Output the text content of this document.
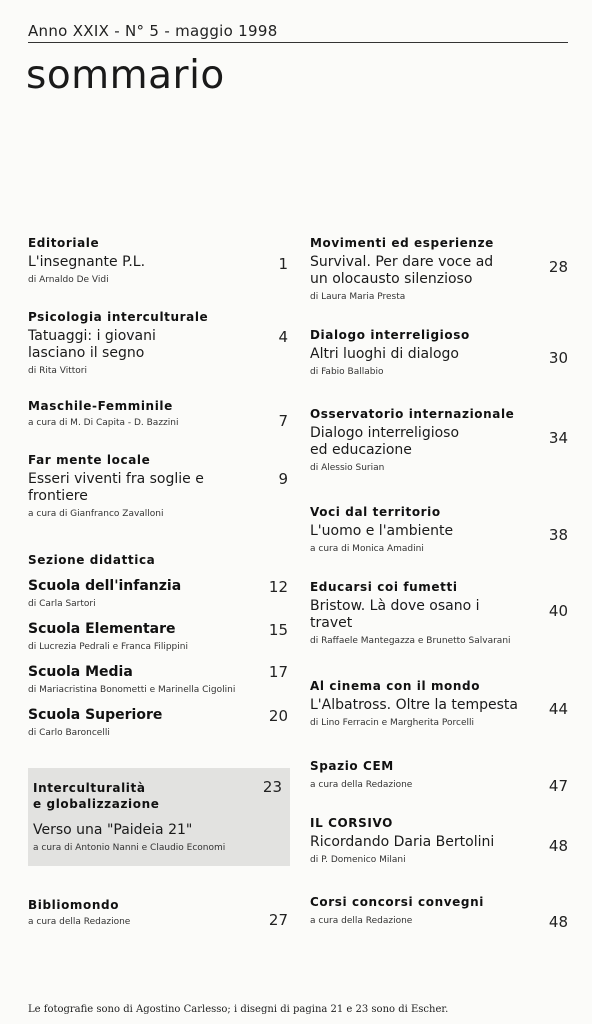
Anno XXIX - N° 5 - maggio 1998
sommario
Editoriale
L'insegnante P.L.
di Arnaldo De Vidi
1
Psicologia interculturale
Tatuaggi: i giovani lasciano il segno
di Rita Vittori
4
Maschile-Femminile
a cura di M. Di Capita - D. Bazzini	7
Far mente locale
Esseri viventi fra soglie e frontiere
a cura di Gianfranco Zavalloni
9
Sezione didattica
Scuola dell'infanzia
di Carla Sartori
12
Scuola Elementare
di Lucrezia Pedrali e Franca Filippini
15
Scuola Media
di Mariacristina Bonometti e Marinella Cigolini
17
Scuola Superiore
di Carlo Baroncelli
20
Interculturalità
e globalizzazione
23
Verso una "Paideia 21"
a cura di Antonio Nanni e Claudio Economi
Bibliomondo
a cura della Redazione	27
Movimenti ed esperienze
Survival. Per dare voce ad un olocausto silenzioso
di Laura Maria Presta
28
Dialogo interreligioso
Altri luoghi di dialogo
di Fabio Ballabio
30
Osservatorio internazionale
Dialogo interreligioso ed educazione
di Alessio Surian
34
Voci dal territorio
L'uomo e l'ambiente
a cura di Monica Amadini
38
Educarsi coi fumetti
Bristow. Là dove osano i travet
di Raffaele Mantegazza e Brunetto Salvarani
40
Al cinema con il mondo
L'Albatross. Oltre la tempesta
di Lino Ferracin e Margherita Porcelli
44
Spazio CEM
a cura della Redazione	47
IL CORSIVO
Ricordando Daria Bertolini
di P. Domenico Milani
48
Corsi concorsi convegni
a cura della Redazione	48
Le fotografie sono di Agostino Carlesso; i disegni di pagina 21 e 23 sono di Escher.
